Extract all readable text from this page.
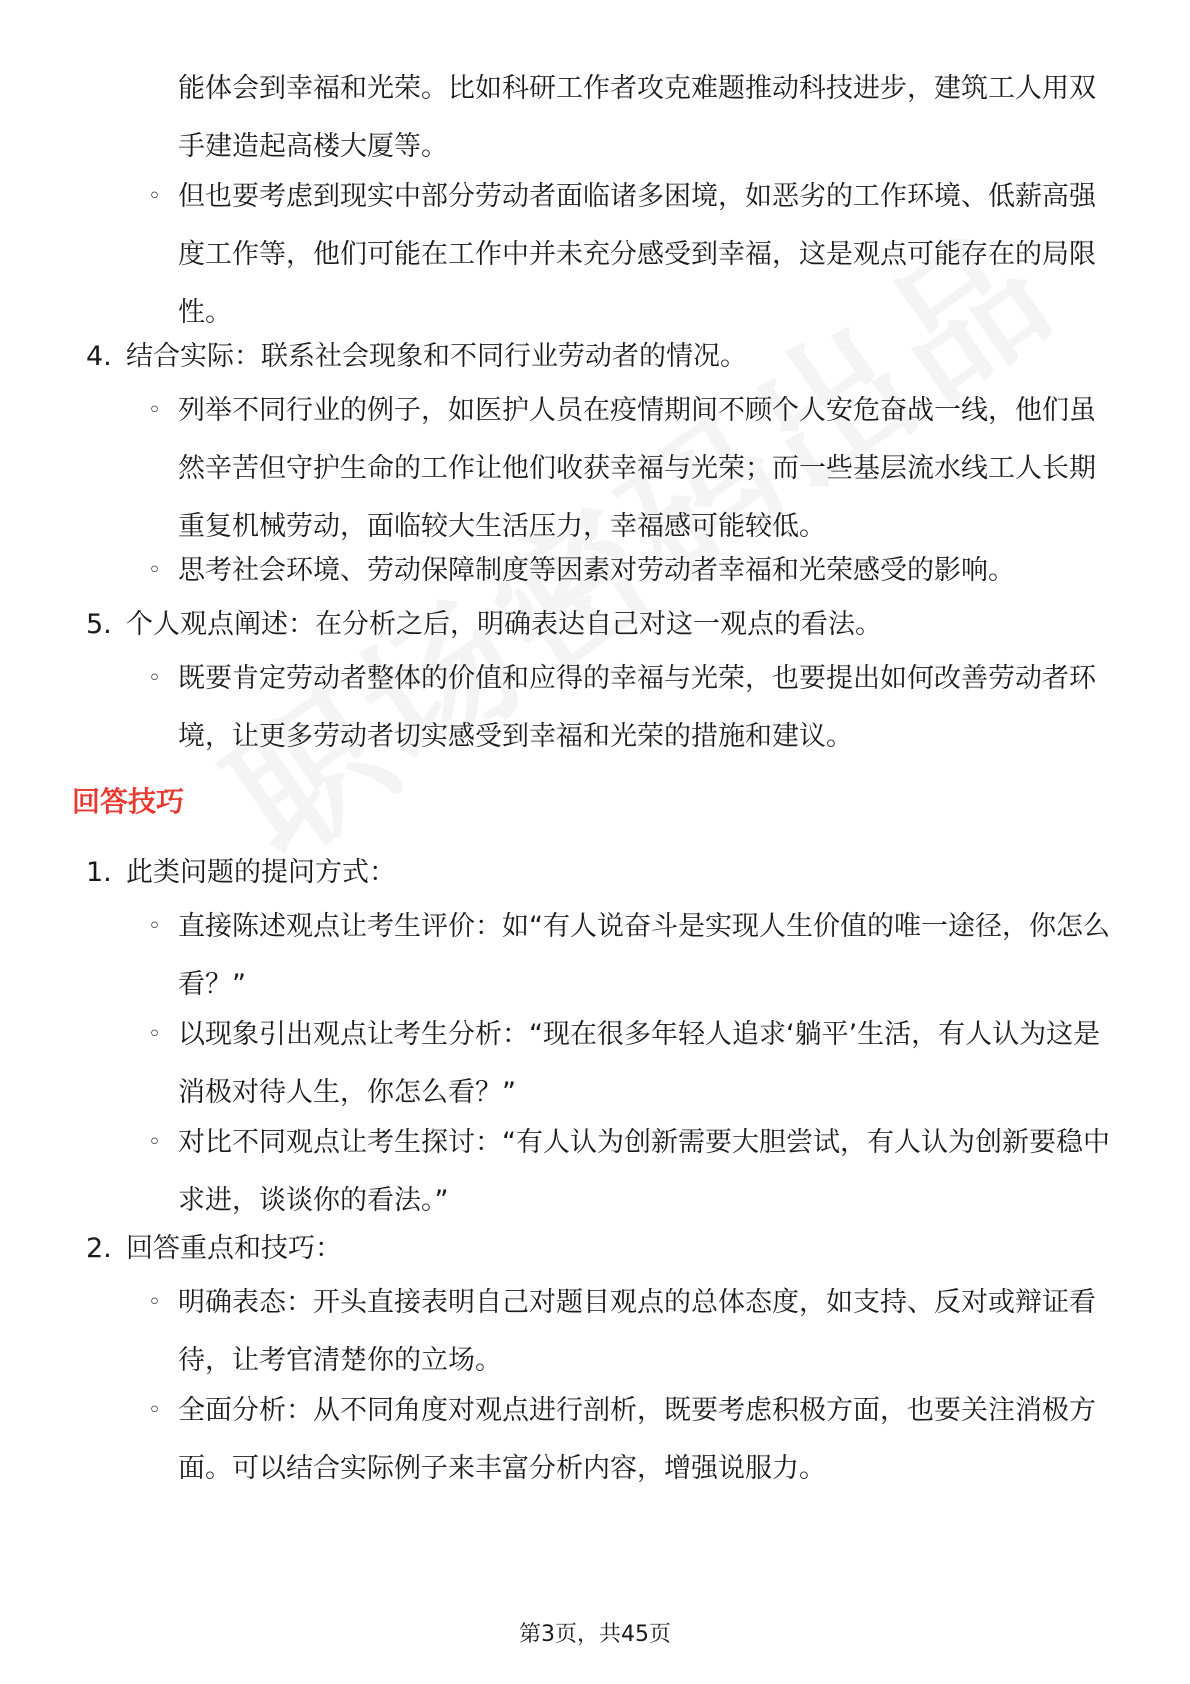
能体会到幸福和光荣。比如科研工作者攻克难题推动科技进步，建筑工人用双手建造起高楼大厦等。
◦ 但也要考虑到现实中部分劳动者面临诸多困境，如恶劣的工作环境、低薪高强度工作等，他们可能在工作中并未充分感受到幸福，这是观点可能存在的局限性。
4. 结合实际：联系社会现象和不同行业劳动者的情况。
◦ 列举不同行业的例子，如医护人员在疫情期间不顾个人安危奋战一线，他们虽然辛苦但守护生命的工作让他们收获幸福与光荣；而一些基层流水线工人长期重复机械劳动，面临较大生活压力，幸福感可能较低。
◦ 思考社会环境、劳动保障制度等因素对劳动者幸福和光荣感受的影响。
5. 个人观点阐述：在分析之后，明确表达自己对这一观点的看法。
◦ 既要肯定劳动者整体的价值和应得的幸福与光荣，也要提出如何改善劳动者环境，让更多劳动者切实感受到幸福和光荣的措施和建议。
回答技巧
1. 此类问题的提问方式：
◦ 直接陈述观点让考生评价：如“有人说奋斗是实现人生价值的唯一途径，你怎么看？”
◦ 以现象引出观点让考生分析：“现在很多年轻人追求‘躺平’生活，有人认为这是消极对待人生，你怎么看？”
◦ 对比不同观点让考生探讨：“有人认为创新需要大胆尝试，有人认为创新要稳中求进，谈谈你的看法。”
2. 回答重点和技巧：
◦ 明确表态：开头直接表明自己对题目观点的总体态度，如支持、反对或辩证看待，让考官清楚你的立场。
◦ 全面分析：从不同角度对观点进行剖析，既要考虑积极方面，也要关注消极方面。可以结合实际例子来丰富分析内容，增强说服力。
第3页，共45页
